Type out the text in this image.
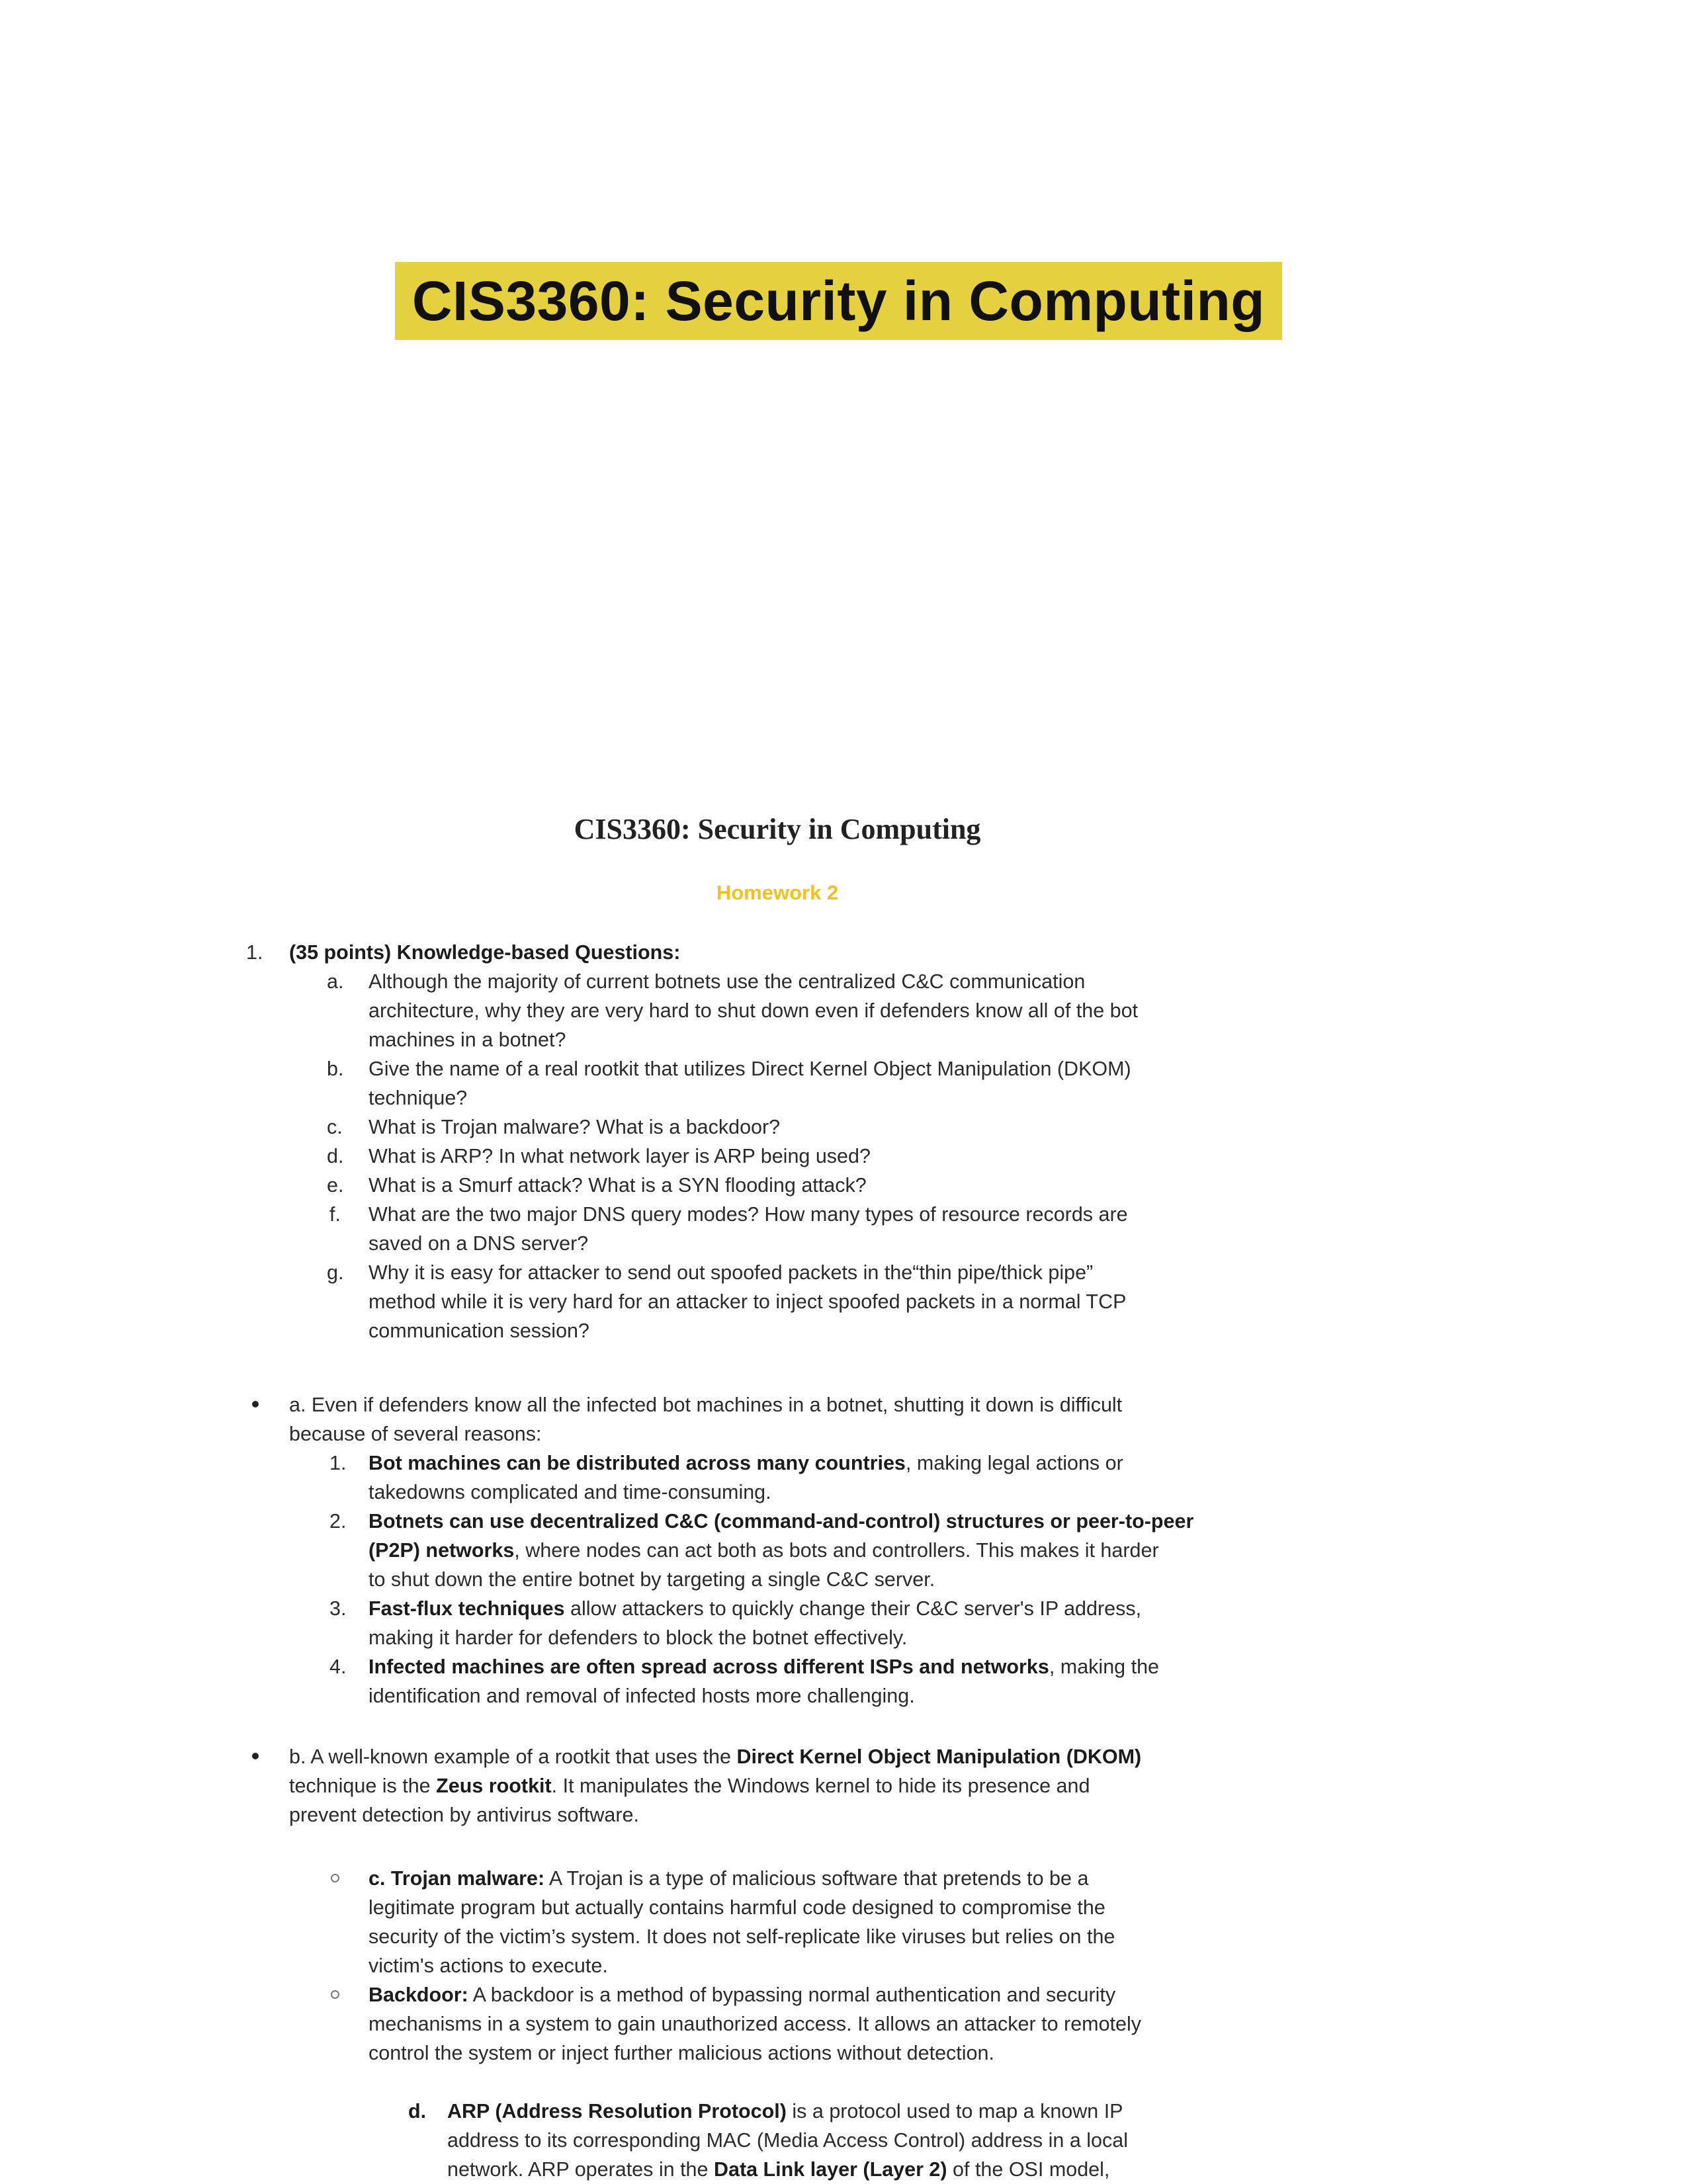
CIS3360: Security in Computing
CIS3360: Security in Computing
Homework 2
1. (35 points) Knowledge-based Questions:
a. Although the majority of current botnets use the centralized C&C communication
architecture, why they are very hard to shut down even if defenders know all of the bot
machines in a botnet?
b. Give the name of a real rootkit that utilizes Direct Kernel Object Manipulation (DKOM)
technique?
c. What is Trojan malware? What is a backdoor?
d. What is ARP? In what network layer is ARP being used?
e. What is a Smurf attack? What is a SYN flooding attack?
f. What are the two major DNS query modes? How many types of resource records are
saved on a DNS server?
g. Why it is easy for attacker to send out spoofed packets in the“thin pipe/thick pipe”
method while it is very hard for an attacker to inject spoofed packets in a normal TCP
communication session?
a. Even if defenders know all the infected bot machines in a botnet, shutting it down is difficult
because of several reasons:
1. Bot machines can be distributed across many countries, making legal actions or
takedowns complicated and time-consuming.
2. Botnets can use decentralized C&C (command-and-control) structures or peer-to-peer
(P2P) networks, where nodes can act both as bots and controllers. This makes it harder
to shut down the entire botnet by targeting a single C&C server.
3. Fast-flux techniques allow attackers to quickly change their C&C server's IP address,
making it harder for defenders to block the botnet effectively.
4. Infected machines are often spread across different ISPs and networks, making the
identification and removal of infected hosts more challenging.
b. A well-known example of a rootkit that uses the Direct Kernel Object Manipulation (DKOM)
technique is the Zeus rootkit. It manipulates the Windows kernel to hide its presence and
prevent detection by antivirus software.
c. Trojan malware: A Trojan is a type of malicious software that pretends to be a
legitimate program but actually contains harmful code designed to compromise the
security of the victim’s system. It does not self-replicate like viruses but relies on the
victim's actions to execute.
Backdoor: A backdoor is a method of bypassing normal authentication and security
mechanisms in a system to gain unauthorized access. It allows an attacker to remotely
control the system or inject further malicious actions without detection.
d. ARP (Address Resolution Protocol) is a protocol used to map a known IP
address to its corresponding MAC (Media Access Control) address in a local
network. ARP operates in the Data Link layer (Layer 2) of the OSI model,
